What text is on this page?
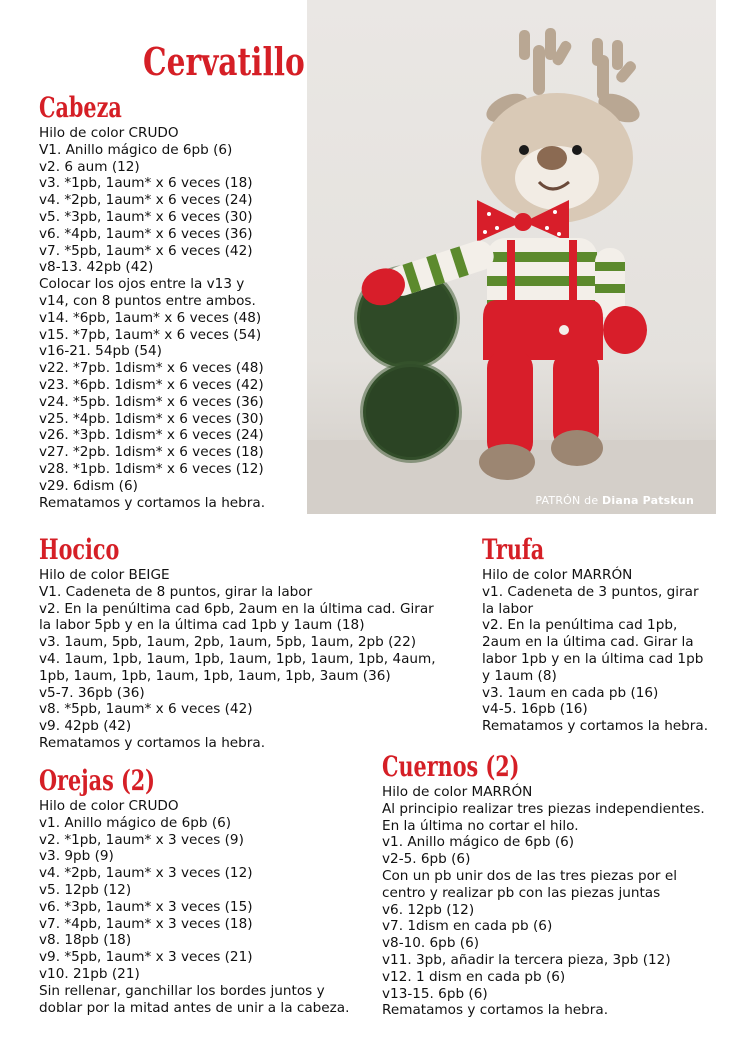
Cervatillo
Cabeza
Hilo de color CRUDO
V1. Anillo mágico de 6pb (6)
v2. 6 aum (12)
v3. *1pb, 1aum* x 6 veces (18)
v4. *2pb, 1aum* x 6 veces (24)
v5. *3pb, 1aum* x 6 veces (30)
v6. *4pb, 1aum* x 6 veces (36)
v7. *5pb, 1aum* x 6 veces (42)
v8-13. 42pb (42)
Colocar los ojos entre la v13 y
v14, con 8 puntos entre ambos.
v14. *6pb, 1aum* x 6 veces (48)
v15. *7pb, 1aum* x 6 veces (54)
v16-21. 54pb (54)
v22. *7pb. 1dism* x 6 veces (48)
v23. *6pb. 1dism* x 6 veces (42)
v24. *5pb. 1dism* x 6 veces (36)
v25. *4pb. 1dism* x 6 veces (30)
v26. *3pb. 1dism* x 6 veces (24)
v27. *2pb. 1dism* x 6 veces (18)
v28. *1pb. 1dism* x 6 veces (12)
v29. 6dism (6)
Rematamos y cortamos la hebra.	PATRÓN de Diana Patskun
Hocico
Hilo de color BEIGE
V1. Cadeneta de 8 puntos, girar la labor
v2. En la penúltima cad 6pb, 2aum en la última cad. Girar
la labor 5pb y en la última cad 1pb y 1aum (18)
v3. 1aum, 5pb, 1aum, 2pb, 1aum, 5pb, 1aum, 2pb (22)
v4. 1aum, 1pb, 1aum, 1pb, 1aum, 1pb, 1aum, 1pb, 4aum,
1pb, 1aum, 1pb, 1aum, 1pb, 1aum, 1pb, 3aum (36)
v5-7. 36pb (36)
v8. *5pb, 1aum* x 6 veces (42)
v9. 42pb (42)
Rematamos y cortamos la hebra.
Trufa
Hilo de color MARRÓN
v1. Cadeneta de 3 puntos, girar
la labor
v2. En la penúltima cad 1pb,
2aum en la última cad. Girar la
labor 1pb y en la última cad 1pb
y 1aum (8)
v3. 1aum en cada pb (16)
v4-5. 16pb (16)
Rematamos y cortamos la hebra.
Orejas (2)
Hilo de color CRUDO
v1. Anillo mágico de 6pb (6)
v2. *1pb, 1aum* x 3 veces (9)
v3. 9pb (9)
v4. *2pb, 1aum* x 3 veces (12)
v5. 12pb (12)
v6. *3pb, 1aum* x 3 veces (15)
v7. *4pb, 1aum* x 3 veces (18)
v8. 18pb (18)
v9. *5pb, 1aum* x 3 veces (21)
v10. 21pb (21)
Sin rellenar, ganchillar los bordes juntos y
doblar por la mitad antes de unir a la cabeza.
Cuernos (2)
Hilo de color MARRÓN
Al principio realizar tres piezas independientes.
En la última no cortar el hilo.
v1. Anillo mágico de 6pb (6)
v2-5. 6pb (6)
Con un pb unir dos de las tres piezas por el
centro y realizar pb con las piezas juntas
v6. 12pb (12)
v7. 1dism en cada pb (6)
v8-10. 6pb (6)
v11. 3pb, añadir la tercera pieza, 3pb (12)
v12. 1 dism en cada pb (6)
v13-15. 6pb (6)
Rematamos y cortamos la hebra.
